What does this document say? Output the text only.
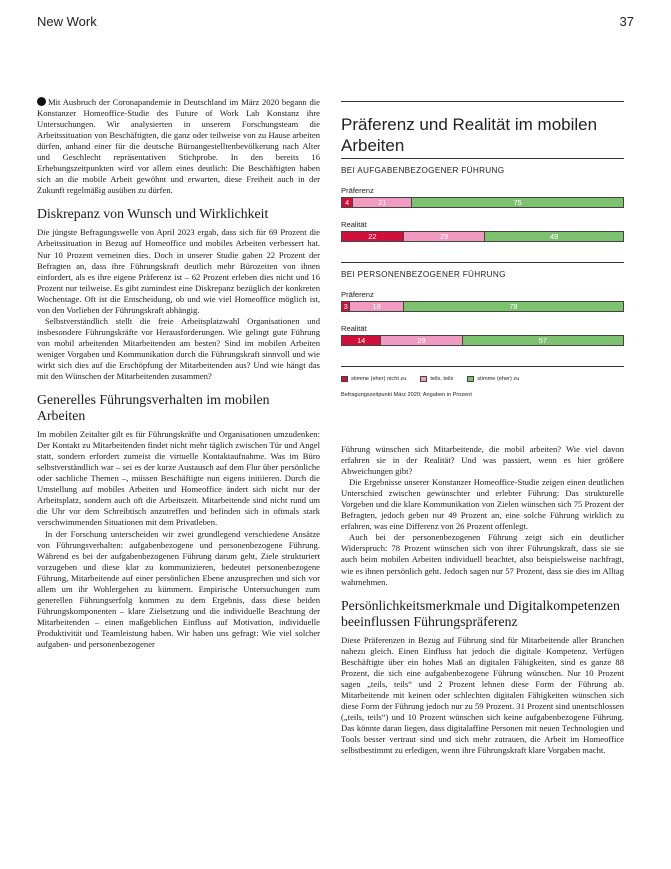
New Work	37

Mit Ausbruch der Coronapandemie in Deutschland im März 2020 begann die Konstanzer Homeoffice-Studie des Future of Work Lab Konstanz ihre Untersuchungen. Wir analysierten in unserem Forschungsteam die Arbeitssituation von Beschäftigten, die ganz oder teilweise von zu Hause arbeiten dürfen, anhand einer für die deutsche Büroangestelltenbevölkerung nach Alter und Geschlecht repräsentativen Stichprobe. In den bereits 16 Erhebungszeitpunkten wird vor allem eines deutlich: Die Beschäftigten haben sich an die mobile Arbeit gewöhnt und erwarten, diese Freiheit auch in der Zukunft regelmäßig ausüben zu dürfen.

Diskrepanz von Wunsch und Wirklichkeit

Die jüngste Befragungswelle von April 2023 ergab, dass sich für 69 Prozent die Arbeitssituation in Bezug auf Homeoffice und mobiles Arbeiten verbessert hat. Nur 10 Prozent verneinen dies. Doch in unserer Studie gaben 22 Prozent der Befragten an, dass ihre Führungskraft deutlich mehr Bürozeiten von ihnen einfordert, als es ihre eigene Präferenz ist – 62 Prozent erleben dies nicht und 16 Prozent nur teilweise. Es gibt zumindest eine Diskrepanz bezüglich der konkreten Wochentage. Oft ist die Entscheidung, ob und wie viel Homeoffice möglich ist, von den Vorlieben der Führungskraft abhängig.

Selbstverständlich stellt die freie Arbeitsplatzwahl Organisationen und insbesondere Führungskräfte vor Herausforderungen. Wie gelingt gute Führung von mobil arbeitenden Mitarbeitenden am besten? Sind im mobilen Arbeiten weniger Vorgaben und Kommunikation durch die Führungskraft sinnvoll und wie wirkt sich dies auf die Erschöpfung der Mitarbeitenden aus? Und wie hängt das mit den Wünschen der Mitarbeitenden zusammen?

Generelles Führungsverhalten im mobilen Arbeiten

Im mobilen Zeitalter gilt es für Führungskräfte und Organisationen umzudenken: Der Kontakt zu Mitarbeitenden findet nicht mehr täglich zwischen Tür und Angel statt, sondern erfordert zumeist die virtuelle Kontaktaufnahme. Was im Büro selbstverständlich war – sei es der kurze Austausch auf dem Flur über persönliche oder sachliche Themen –, müssen Beschäftigte nun eigens initiieren. Durch die Umstellung auf mobiles Arbeiten und Homeoffice ändert sich nicht nur der Arbeitsplatz, sondern auch oft die Arbeitszeit. Mitarbeitende sind nicht rund um die Uhr vor dem Schreibtisch anzutreffen und befinden sich in oftmals stark verschwimmenden Situationen mit dem Privatleben.

In der Forschung unterscheiden wir zwei grundlegend verschiedene Ansätze von Führungsverhalten: aufgabenbezogene und personenbezogene Führung. Während es bei der aufgabenbezogenen Führung darum geht, Ziele strukturiert vorzugeben und diese klar zu kommunizieren, bedeutet personenbezogene Führung, Mitarbeitende auf einer persönlichen Ebene anzusprechen und sich vor allem um ihr Wohlergehen zu kümmern. Empirische Untersuchungen zum generellen Führungserfolg kommen zu dem Ergebnis, dass diese beiden Führungskomponenten – klare Zielsetzung und die individuelle Beachtung der Mitarbeitenden – einen maßgeblichen Einfluss auf Motivation, individuelle Produktivität und Teamleistung haben. Wir haben uns gefragt: Wie viel solcher aufgaben- und personenbezogener

Präferenz und Realität im mobilen Arbeiten
BEI AUFGABENBEZOGENER FÜHRUNG
Präferenz
4	21	75
Realität
22	29	49
BEI PERSONENBEZOGENER FÜHRUNG
Präferenz
3	19	78
Realität
14	29	57
stimme (eher) nicht zu	teils, teils	stimme (eher) zu
Befragungszeitpunkt März 2020; Angaben in Prozent

Führung wünschen sich Mitarbeitende, die mobil arbeiten? Wie viel davon erfahren sie in der Realität? Und was passiert, wenn es hier größere Abweichungen gibt?

Die Ergebnisse unserer Konstanzer Homeoffice-Studie zeigen einen deutlichen Unterschied zwischen gewünschter und erlebter Führung: Das strukturelle Vorgeben und die klare Kommunikation von Zielen wünschen sich 75 Prozent der Befragten, jedoch geben nur 49 Prozent an, eine solche Führung wirklich zu erfahren, was eine Differenz von 26 Prozent offenlegt.

Auch bei der personenbezogenen Führung zeigt sich ein deutlicher Widerspruch: 78 Prozent wünschen sich von ihrer Führungskraft, dass sie sie auch beim mobilen Arbeiten individuell beachtet, also beispielsweise nachfragt, wie es ihnen persönlich geht. Jedoch sagen nur 57 Prozent, dass sie dies im Alltag wahrnehmen.

Persönlichkeitsmerkmale und Digitalkompetenzen beeinflussen Führungspräferenz

Diese Präferenzen in Bezug auf Führung sind für Mitarbeitende aller Branchen nahezu gleich. Einen Einfluss hat jedoch die digitale Kompetenz. Verfügen Beschäftigte über ein hohes Maß an digitalen Fähigkeiten, sind es ganze 88 Prozent, die sich eine aufgabenbezogene Führung wünschen. Nur 10 Prozent sagen „teils, teils“ und 2 Prozent lehnen diese Form der Führung ab. Mitarbeitende mit keinen oder schlechten digitalen Fähigkeiten wünschen sich diese Form der Führung jedoch nur zu 59 Prozent. 31 Prozent sind unentschlossen („teils, teils“) und 10 Prozent wünschen sich keine aufgabenbezogene Führung. Das könnte daran liegen, dass digitalaffine Personen mit neuen Technologien und Tools besser vertraut sind und sich mehr zutrauen, die Arbeit im Homeoffice selbstbestimmt zu erledigen, wenn ihre Führungskraft klare Vorgaben macht.
